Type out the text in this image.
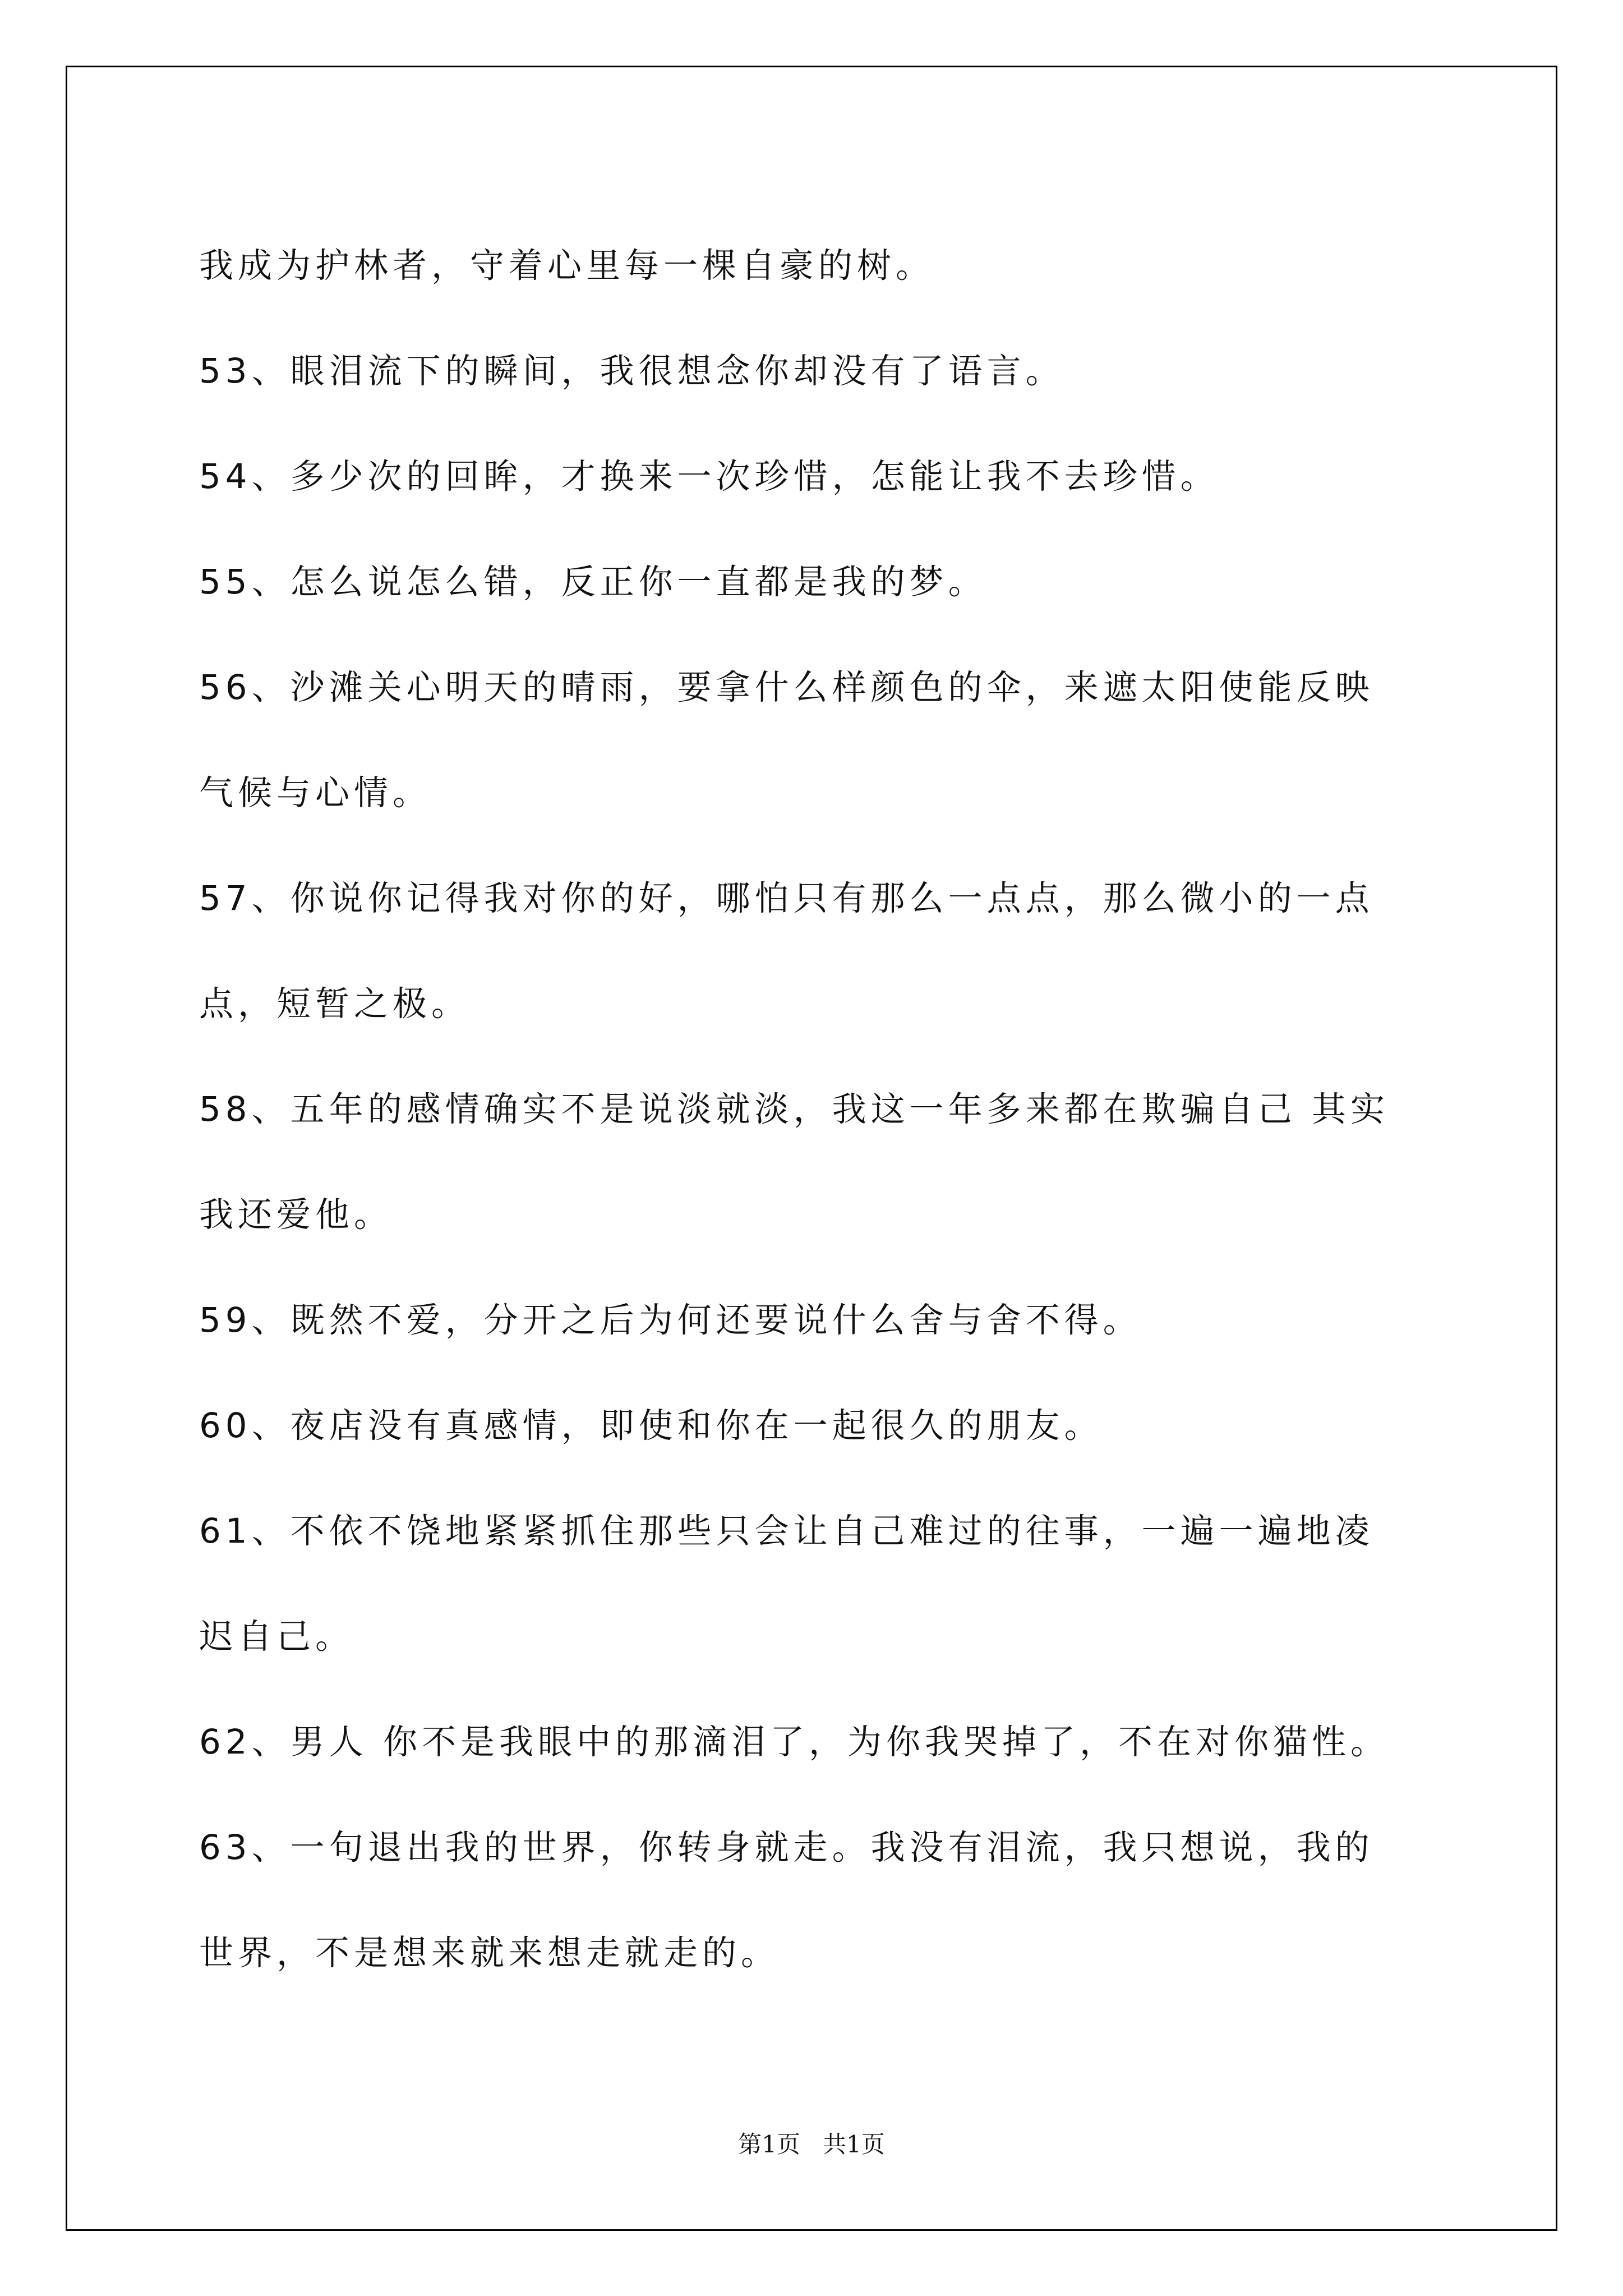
我成为护林者，守着心里每一棵自豪的树。
53、眼泪流下的瞬间，我很想念你却没有了语言。
54、多少次的回眸，才换来一次珍惜，怎能让我不去珍惜。
55、怎么说怎么错，反正你一直都是我的梦。
56、沙滩关心明天的晴雨，要拿什么样颜色的伞，来遮太阳使能反映
气候与心情。
57、你说你记得我对你的好，哪怕只有那么一点点，那么微小的一点
点，短暂之极。
58、五年的感情确实不是说淡就淡，我这一年多来都在欺骗自己 其实
我还爱他。
59、既然不爱，分开之后为何还要说什么舍与舍不得。
60、夜店没有真感情，即使和你在一起很久的朋友。
61、不依不饶地紧紧抓住那些只会让自己难过的往事，一遍一遍地凌
迟自己。
62、男人 你不是我眼中的那滴泪了，为你我哭掉了，不在对你猫性。
63、一句退出我的世界，你转身就走。我没有泪流，我只想说，我的
世界，不是想来就来想走就走的。
第1页   共1页
